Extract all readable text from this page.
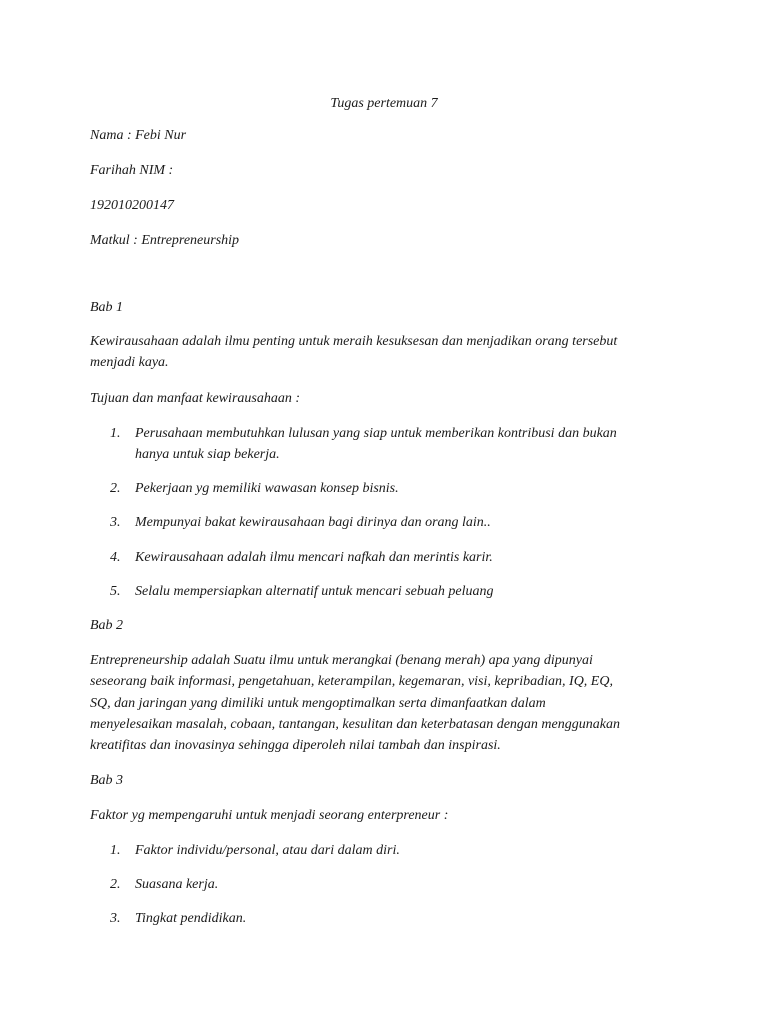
Tugas pertemuan 7
Nama : Febi Nur
Farihah NIM :
192010200147
Matkul : Entrepreneurship
Bab 1
Kewirausahaan adalah ilmu penting untuk meraih kesuksesan dan menjadikan orang tersebut
menjadi kaya.
Tujuan dan manfaat kewirausahaan :
1.	Perusahaan membutuhkan lulusan yang siap untuk memberikan kontribusi dan bukan
hanya untuk siap bekerja.
2.	Pekerjaan yg memiliki wawasan konsep bisnis.
3.	Mempunyai bakat kewirausahaan bagi dirinya dan orang lain..
4.	Kewirausahaan adalah ilmu mencari nafkah dan merintis karir.
5.	Selalu mempersiapkan alternatif untuk mencari sebuah peluang
Bab 2
Entrepreneurship adalah Suatu ilmu untuk merangkai (benang merah) apa yang dipunyai
seseorang baik informasi, pengetahuan, keterampilan, kegemaran, visi, kepribadian, IQ, EQ,
SQ, dan jaringan yang dimiliki untuk mengoptimalkan serta dimanfaatkan dalam
menyelesaikan masalah, cobaan, tantangan, kesulitan dan keterbatasan dengan menggunakan
kreatifitas dan inovasinya sehingga diperoleh nilai tambah dan inspirasi.
Bab 3
Faktor yg mempengaruhi untuk menjadi seorang enterpreneur :
1.	Faktor individu/personal, atau dari dalam diri.
2.	Suasana kerja.
3.	Tingkat pendidikan.
